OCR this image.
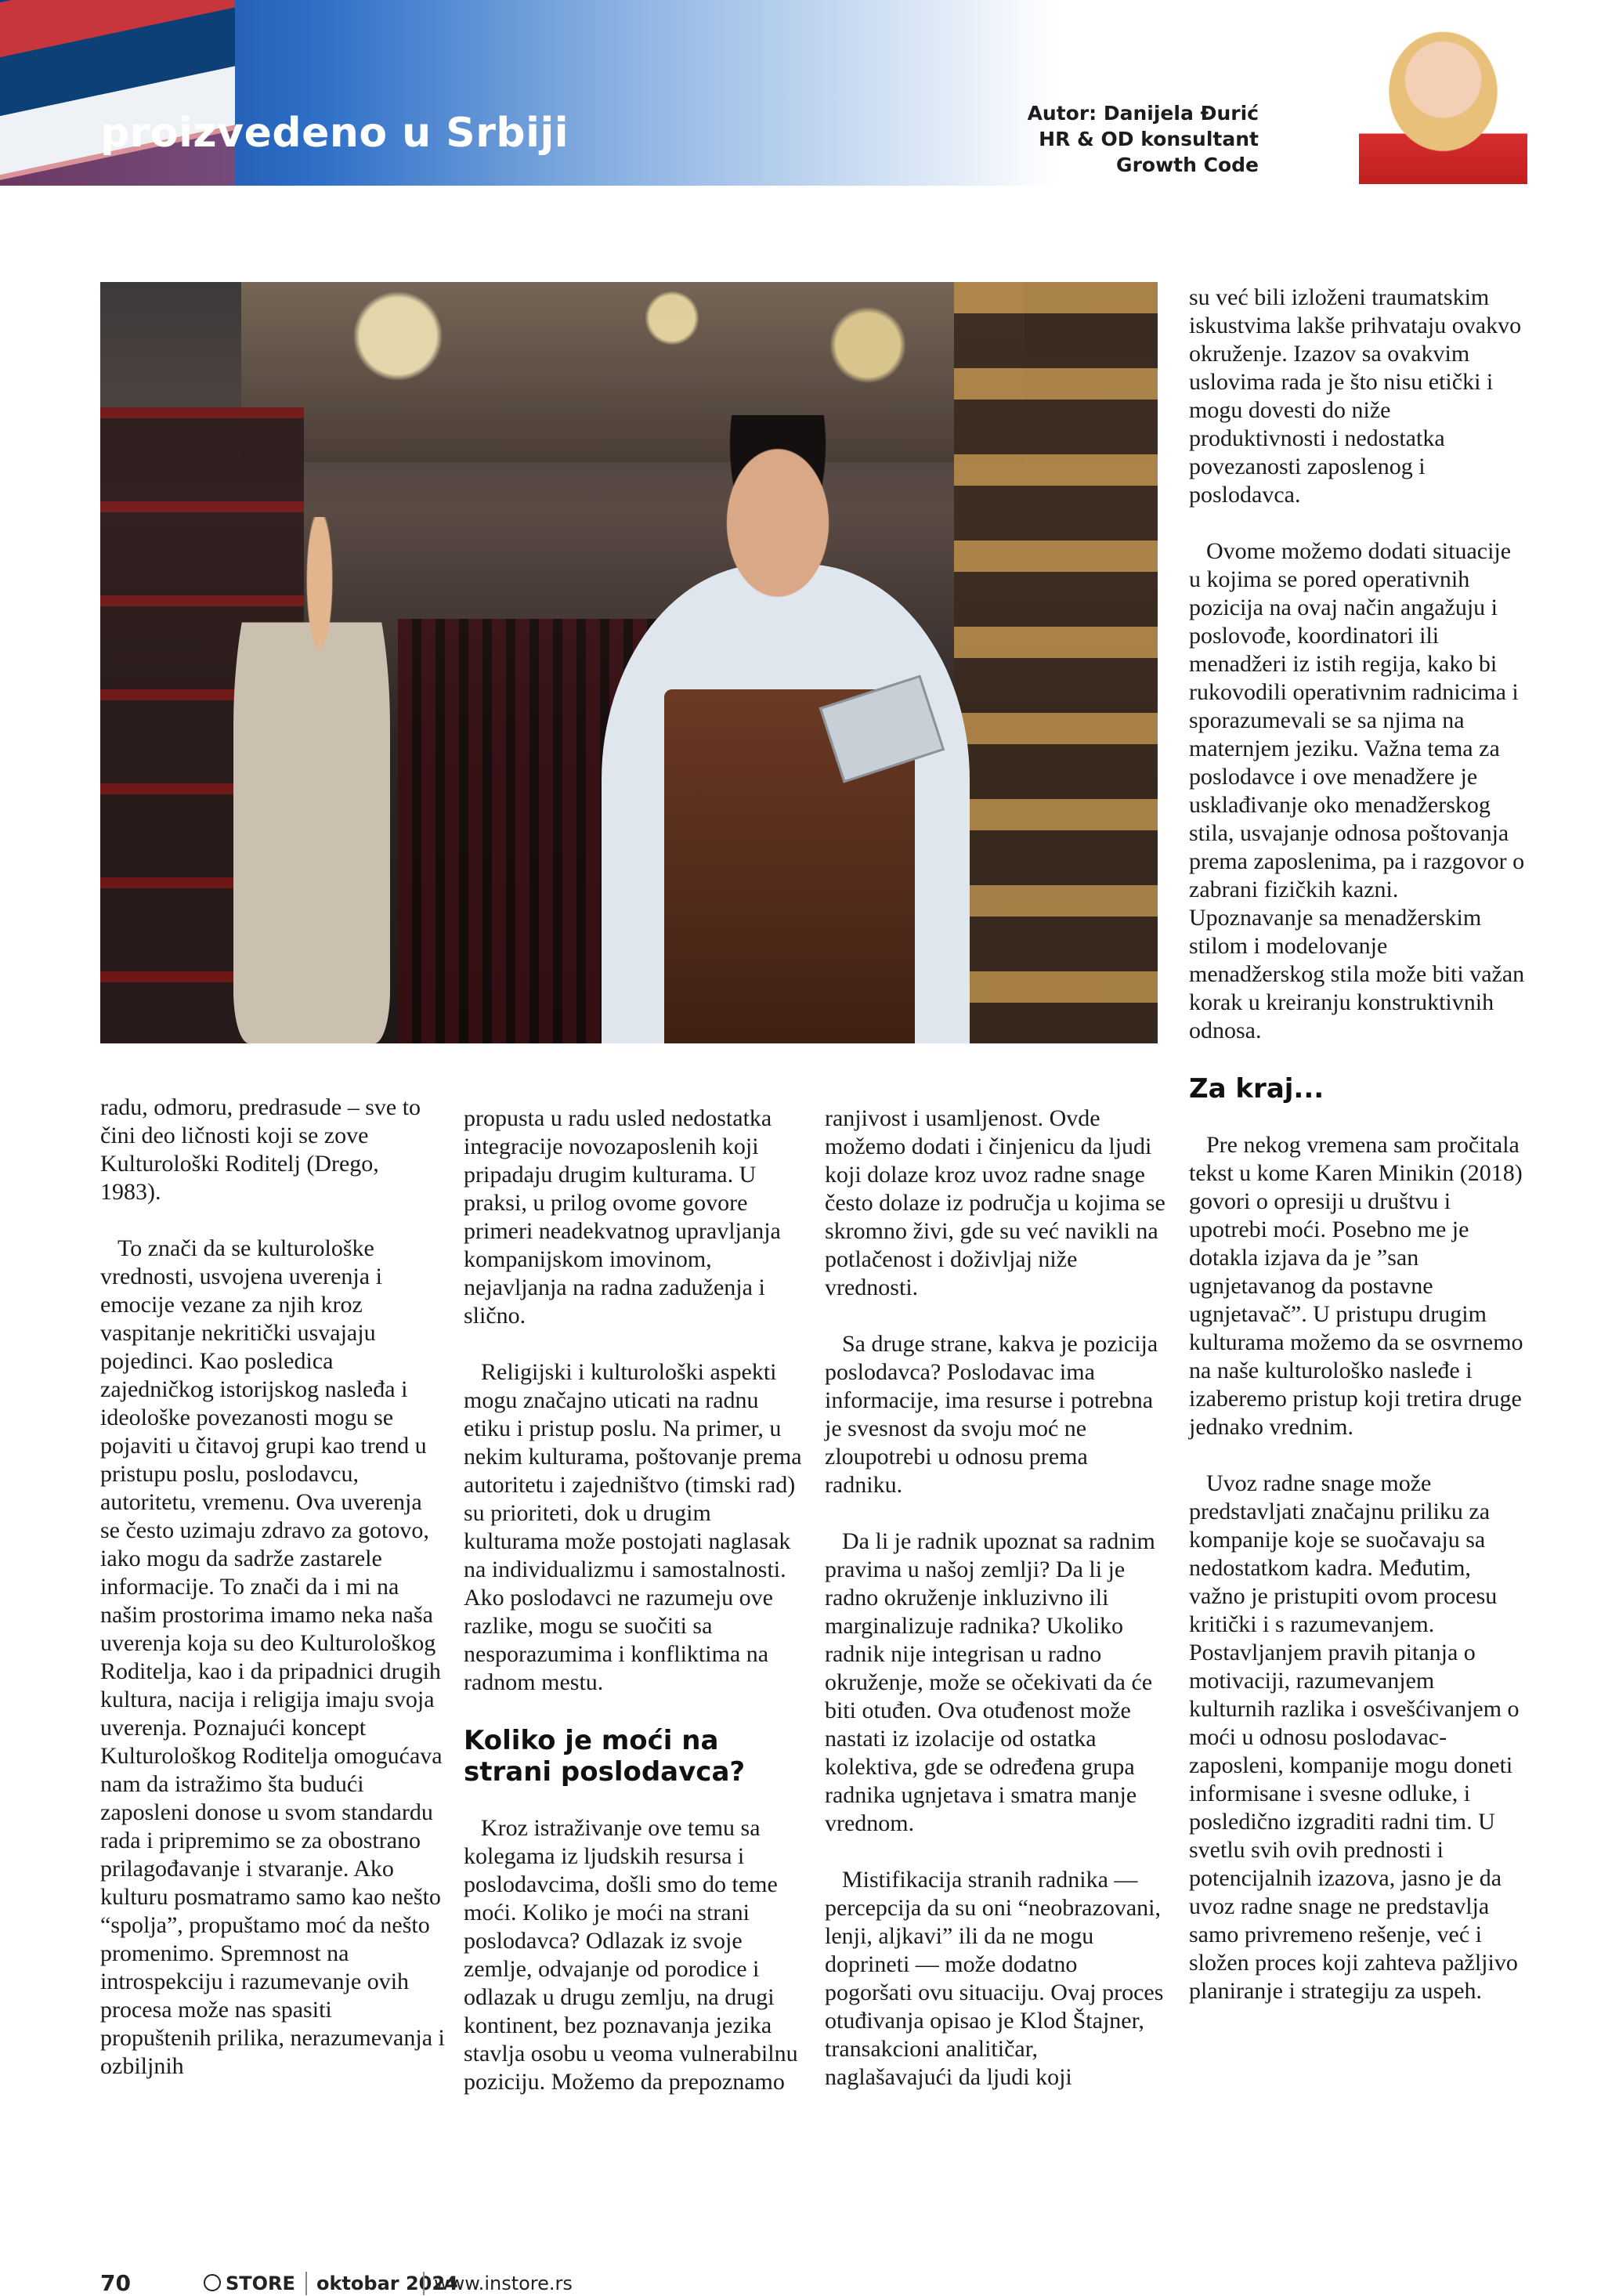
proizvedeno u Srbiji	Autor: Danijela Đurić
HR & OD konsultant
Growth Code

radu, odmoru, predrasude – sve to čini deo ličnosti koji se zove Kulturološki Roditelj (Drego, 1983).

To znači da se kulturološke vrednosti, usvojena uverenja i emocije vezane za njih kroz vaspitanje nekritički usvajaju pojedinci. Kao posledica zajedničkog istorijskog nasleđa i ideološke povezanosti mogu se pojaviti u čitavoj grupi kao trend u pristupu poslu, poslodavcu, autoritetu, vremenu. Ova uverenja se često uzimaju zdravo za gotovo, iako mogu da sadrže zastarele informacije. To znači da i mi na našim prostorima imamo neka naša uverenja koja su deo Kulturološkog Roditelja, kao i da pripadnici drugih kultura, nacija i religija imaju svoja uverenja. Poznajući koncept Kulturološkog Roditelja omogućava nam da istražimo šta budući zaposleni donose u svom standardu rada i pripremimo se za obostrano prilagođavanje i stvaranje. Ako kulturu posmatramo samo kao nešto “spolja”, propuštamo moć da nešto promenimo. Spremnost na introspekciju i razumevanje ovih procesa može nas spasiti propuštenih prilika, nerazumevanja i ozbiljnih

propusta u radu usled nedostatka integracije novozaposlenih koji pripadaju drugim kulturama. U praksi, u prilog ovome govore primeri neadekvatnog upravljanja kompanijskom imovinom, nejavljanja na radna zaduženja i slično.

Religijski i kulturološki aspekti mogu značajno uticati na radnu etiku i pristup poslu. Na primer, u nekim kulturama, poštovanje prema autoritetu i zajedništvo (timski rad) su prioriteti, dok u drugim kulturama može postojati naglasak na individualizmu i samostalnosti. Ako poslodavci ne razumeju ove razlike, mogu se suočiti sa nesporazumima i konfliktima na radnom mestu.

Koliko je moći na strani poslodavca?

Kroz istraživanje ove temu sa kolegama iz ljudskih resursa i poslodavcima, došli smo do teme moći. Koliko je moći na strani poslodavca? Odlazak iz svoje zemlje, odvajanje od porodice i odlazak u drugu zemlju, na drugi kontinent, bez poznavanja jezika stavlja osobu u veoma vulnerabilnu poziciju. Možemo da prepoznamo

ranjivost i usamljenost. Ovde možemo dodati i činjenicu da ljudi koji dolaze kroz uvoz radne snage često dolaze iz područja u kojima se skromno živi, gde su već navikli na potlačenost i doživljaj niže vrednosti.

Sa druge strane, kakva je pozicija poslodavca? Poslodavac ima informacije, ima resurse i potrebna je svesnost da svoju moć ne zloupotrebi u odnosu prema radniku.

Da li je radnik upoznat sa radnim pravima u našoj zemlji? Da li je radno okruženje inkluzivno ili marginalizuje radnika? Ukoliko radnik nije integrisan u radno okruženje, može se očekivati da će biti otuđen. Ova otuđenost može nastati iz izolacije od ostatka kolektiva, gde se određena grupa radnika ugnjetava i smatra manje vrednom.

Mistifikacija stranih radnika — percepcija da su oni “neobrazovani, lenji, aljkavi” ili da ne mogu doprineti — može dodatno pogoršati ovu situaciju. Ovaj proces otuđivanja opisao je Klod Štajner, transakcioni analitičar, naglašavajući da ljudi koji

su već bili izloženi traumatskim iskustvima lakše prihvataju ovakvo okruženje. Izazov sa ovakvim uslovima rada je što nisu etički i mogu dovesti do niže produktivnosti i nedostatka povezanosti zaposlenog i poslodavca.

Ovome možemo dodati situacije u kojima se pored operativnih pozicija na ovaj način angažuju i poslovođe, koordinatori ili menadžeri iz istih regija, kako bi rukovodili operativnim radnicima i sporazumevali se sa njima na maternjem jeziku. Važna tema za poslodavce i ove menadžere je usklađivanje oko menadžerskog stila, usvajanje odnosa poštovanja prema zaposlenima, pa i razgovor o zabrani fizičkih kazni. Upoznavanje sa menadžerskim stilom i modelovanje menadžerskog stila može biti važan korak u kreiranju konstruktivnih odnosa.

Za kraj...

Pre nekog vremena sam pročitala tekst u kome Karen Minikin (2018) govori o opresiji u društvu i upotrebi moći. Posebno me je dotakla izjava da je ”san ugnjetavanog da postavne ugnjetavač”. U pristupu drugim kulturama možemo da se osvrnemo na naše kulturološko nasleđe i izaberemo pristup koji tretira druge jednako vrednim.

Uvoz radne snage može predstavljati značajnu priliku za kompanije koje se suočavaju sa nedostatkom kadra. Međutim, važno je pristupiti ovom procesu kritički i s razumevanjem. Postavljanjem pravih pitanja o motivaciji, razumevanjem kulturnih razlika i osvešćivanjem o moći u odnosu poslodavac-zaposleni, kompanije mogu doneti informisane i svesne odluke, i posledično izgraditi radni tim. U svetlu svih ovih prednosti i potencijalnih izazova, jasno je da uvoz radne snage ne predstavlja samo privremeno rešenje, već i složen proces koji zahteva pažljivo planiranje i strategiju za uspeh.

70	STORE	oktobar 2024
www.instore.rs
